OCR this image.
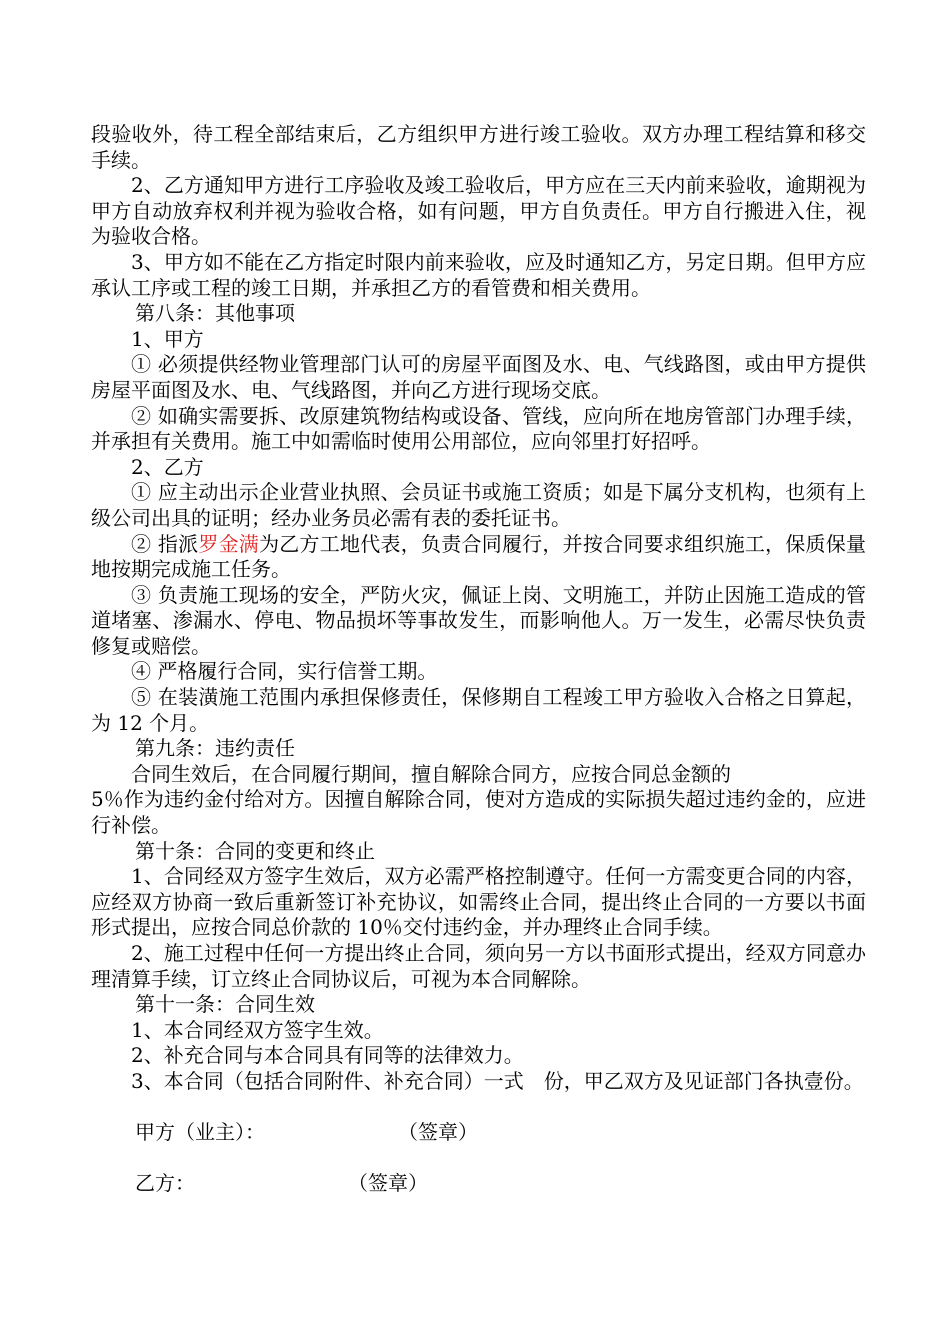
段验收外，待工程全部结束后，乙方组织甲方进行竣工验收。双方办理工程结算和移交手续。

2、乙方通知甲方进行工序验收及竣工验收后，甲方应在三天内前来验收，逾期视为甲方自动放弃权利并视为验收合格，如有问题，甲方自负责任。甲方自行搬进入住，视为验收合格。

3、甲方如不能在乙方指定时限内前来验收，应及时通知乙方，另定日期。但甲方应承认工序或工程的竣工日期，并承担乙方的看管费和相关费用。

第八条：其他事项

1、甲方

① 必须提供经物业管理部门认可的房屋平面图及水、电、气线路图，或由甲方提供房屋平面图及水、电、气线路图，并向乙方进行现场交底。

② 如确实需要拆、改原建筑物结构或设备、管线，应向所在地房管部门办理手续，并承担有关费用。施工中如需临时使用公用部位，应向邻里打好招呼。

2、乙方

① 应主动出示企业营业执照、会员证书或施工资质；如是下属分支机构，也须有上级公司出具的证明；经办业务员必需有表的委托证书。

② 指派罗金满为乙方工地代表，负责合同履行，并按合同要求组织施工，保质保量地按期完成施工任务。

③ 负责施工现场的安全，严防火灾，佩证上岗、文明施工，并防止因施工造成的管道堵塞、渗漏水、停电、物品损坏等事故发生，而影响他人。万一发生，必需尽快负责修复或赔偿。

④ 严格履行合同，实行信誉工期。

⑤ 在装潢施工范围内承担保修责任，保修期自工程竣工甲方验收入合格之日算起，为 12 个月。

第九条：违约责任

合同生效后，在合同履行期间，擅自解除合同方，应按合同总金额的

5％作为违约金付给对方。因擅自解除合同，使对方造成的实际损失超过违约金的，应进行补偿。

第十条：合同的变更和终止

1、合同经双方签字生效后，双方必需严格控制遵守。任何一方需变更合同的内容，应经双方协商一致后重新签订补充协议，如需终止合同，提出终止合同的一方要以书面形式提出，应按合同总价款的 10％交付违约金，并办理终止合同手续。

2、施工过程中任何一方提出终止合同，须向另一方以书面形式提出，经双方同意办理清算手续，订立终止合同协议后，可视为本合同解除。

第十一条：合同生效

1、本合同经双方签字生效。

2、补充合同与本合同具有同等的法律效力。

3、本合同（包括合同附件、补充合同）一式　份，甲乙双方及见证部门各执壹份。

甲方（业主）：	（签章）
乙方：	（签章）
